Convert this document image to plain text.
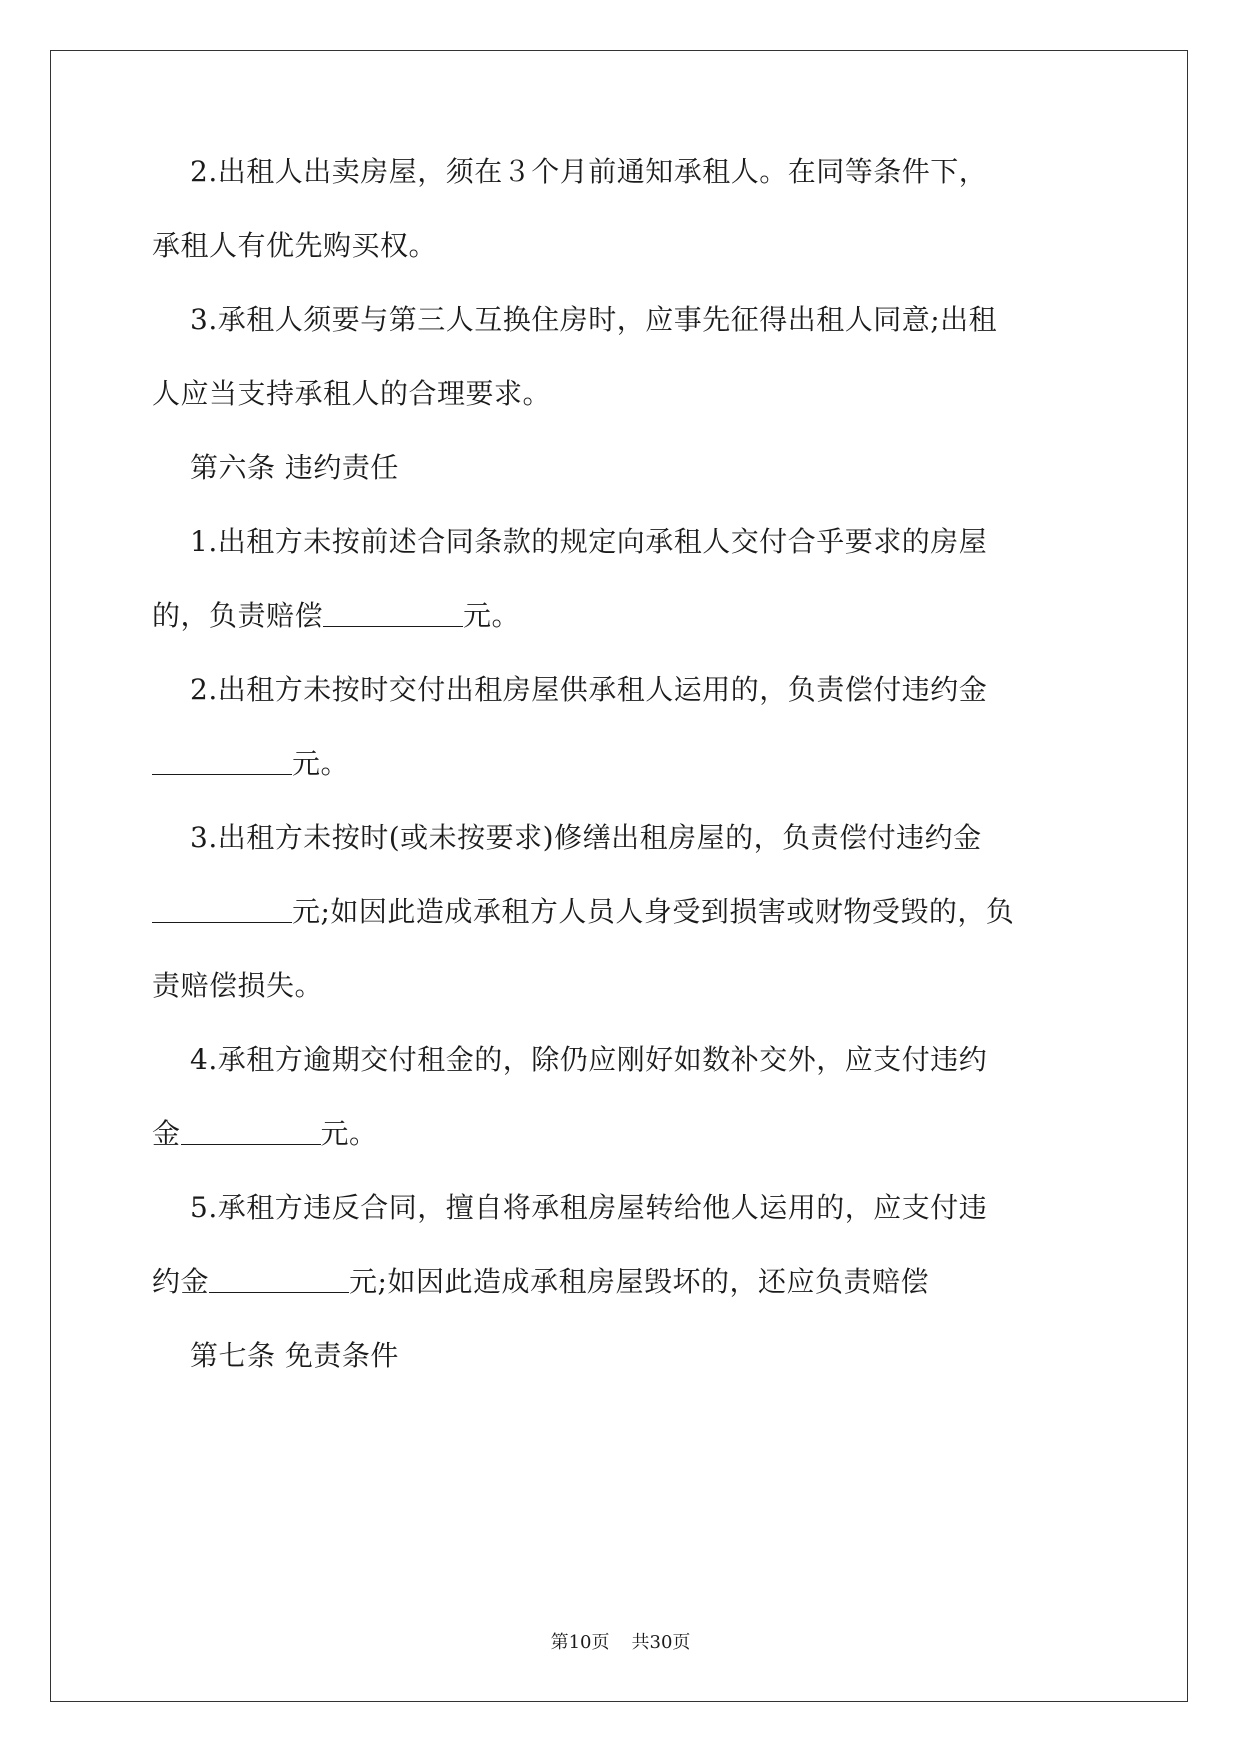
2.出租人出卖房屋，须在３个月前通知承租人。在同等条件下，
承租人有优先购买权。
3.承租人须要与第三人互换住房时，应事先征得出租人同意;出租
人应当支持承租人的合理要求。
第六条 违约责任
1.出租方未按前述合同条款的规定向承租人交付合乎要求的房屋
的，负责赔偿	元。
2.出租方未按时交付出租房屋供承租人运用的，负责偿付违约金
元。
3.出租方未按时(或未按要求)修缮出租房屋的，负责偿付违约金
元;如因此造成承租方人员人身受到损害或财物受毁的，负
责赔偿损失。
4.承租方逾期交付租金的，除仍应刚好如数补交外，应支付违约
金	元。
5.承租方违反合同，擅自将承租房屋转给他人运用的，应支付违
约金	元;如因此造成承租房屋毁坏的，还应负责赔偿
第七条 免责条件
第10页 共30页
